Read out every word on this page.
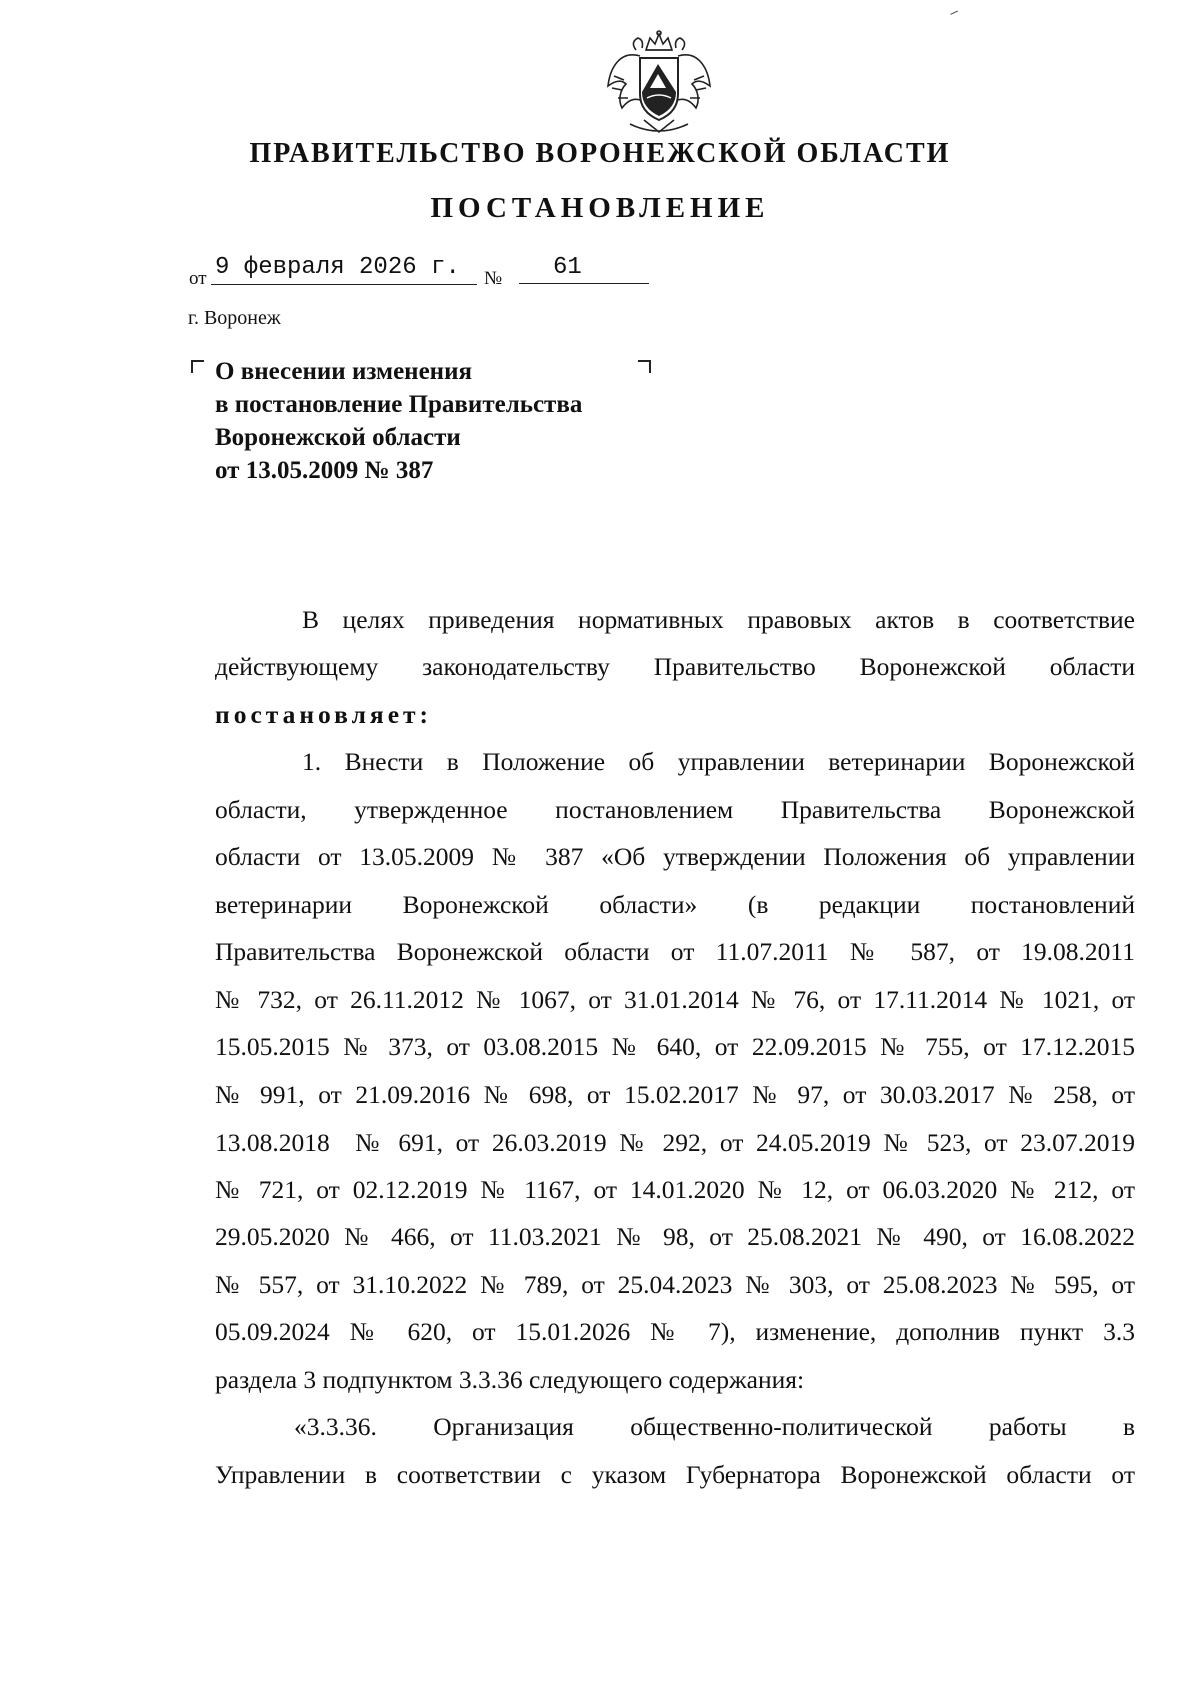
ПРАВИТЕЛЬСТВО ВОРОНЕЖСКОЙ ОБЛАСТИ
ПОСТАНОВЛЕНИЕ
от 9 февраля 2026 г.	№	61
г. Воронеж
О внесении изменения
в постановление Правительства
Воронежской области
от 13.05.2009 № 387
В целях приведения нормативных правовых актов в соответствие
действующему законодательству Правительство Воронежской области
постановляет:
1. Внести в Положение об управлении ветеринарии Воронежской
области, утвержденное постановлением Правительства Воронежской
области от 13.05.2009 № 387 «Об утверждении Положения об управлении
ветеринарии Воронежской области» (в редакции постановлений
Правительства Воронежской области от 11.07.2011 № 587, от 19.08.2011
№ 732, от 26.11.2012 № 1067, от 31.01.2014 № 76, от 17.11.2014 № 1021, от
15.05.2015 № 373, от 03.08.2015 № 640, от 22.09.2015 № 755, от 17.12.2015
№ 991, от 21.09.2016 № 698, от 15.02.2017 № 97, от 30.03.2017 № 258, от
13.08.2018  № 691, от 26.03.2019 № 292, от 24.05.2019 № 523, от 23.07.2019
№ 721, от 02.12.2019 № 1167, от 14.01.2020 № 12, от 06.03.2020 № 212, от
29.05.2020 № 466, от 11.03.2021 № 98, от 25.08.2021 № 490, от 16.08.2022
№ 557, от 31.10.2022 № 789, от 25.04.2023 № 303, от 25.08.2023 № 595, от
05.09.2024 № 620, от 15.01.2026 № 7), изменение, дополнив пункт 3.3
раздела 3 подпунктом 3.3.36 следующего содержания:
«3.3.36. Организация общественно-политической работы в
Управлении в соответствии с указом Губернатора Воронежской области от
